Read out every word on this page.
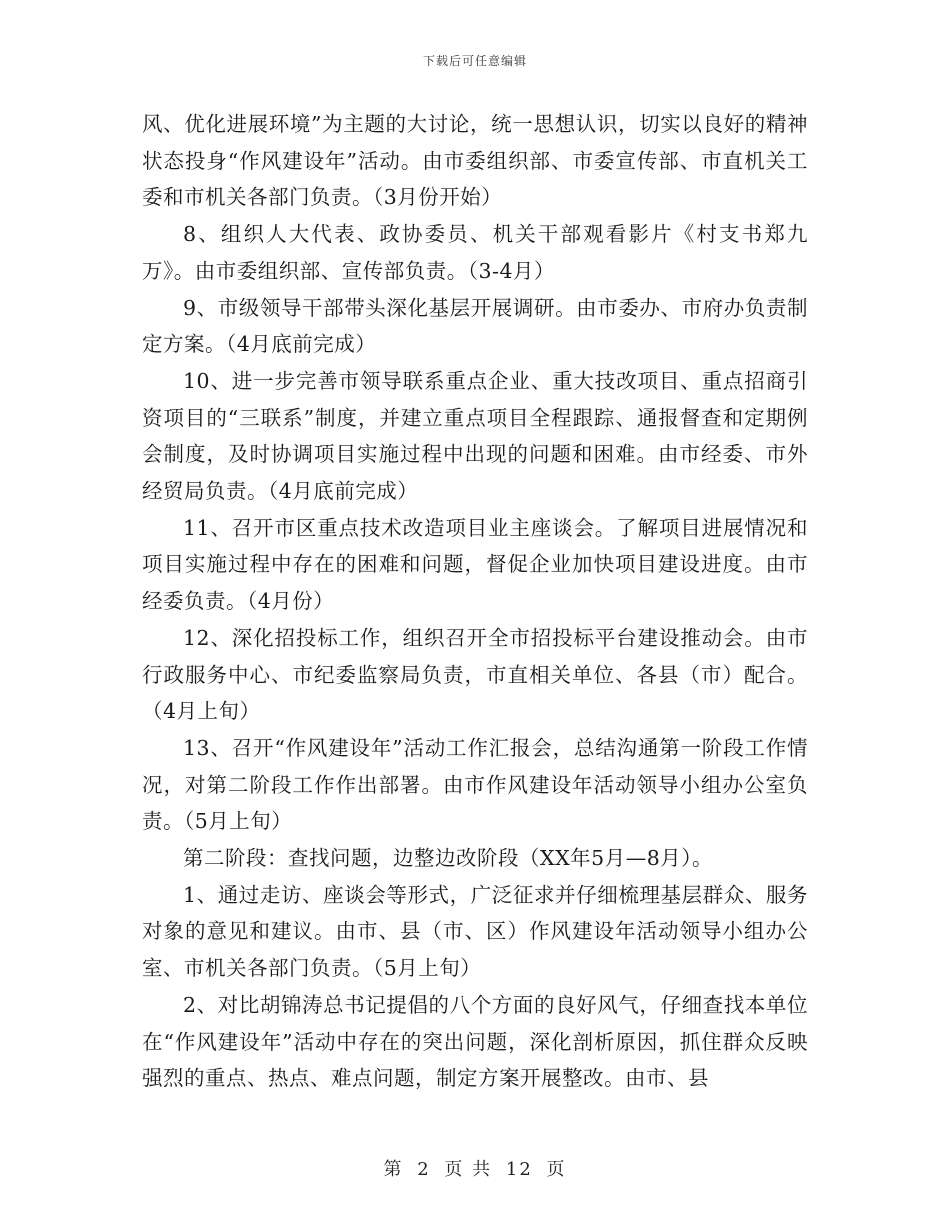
下载后可任意编辑

风、优化进展环境”为主题的大讨论，统一思想认识，切实以良好的精神状态投身“作风建设年”活动。由市委组织部、市委宣传部、市直机关工委和市机关各部门负责。（3月份开始）

8、组织人大代表、政协委员、机关干部观看影片《村支书郑九万》。由市委组织部、宣传部负责。（3-4月）

9、市级领导干部带头深化基层开展调研。由市委办、市府办负责制定方案。（4月底前完成）

10、进一步完善市领导联系重点企业、重大技改项目、重点招商引资项目的“三联系”制度，并建立重点项目全程跟踪、通报督查和定期例会制度，及时协调项目实施过程中出现的问题和困难。由市经委、市外经贸局负责。（4月底前完成）

11、召开市区重点技术改造项目业主座谈会。了解项目进展情况和项目实施过程中存在的困难和问题，督促企业加快项目建设进度。由市经委负责。（4月份）

12、深化招投标工作，组织召开全市招投标平台建设推动会。由市行政服务中心、市纪委监察局负责，市直相关单位、各县（市）配合。（4月上旬）

13、召开“作风建设年”活动工作汇报会，总结沟通第一阶段工作情况，对第二阶段工作作出部署。由市作风建设年活动领导小组办公室负责。（5月上旬）

第二阶段：查找问题，边整边改阶段（XX年5月—8月）。

1、通过走访、座谈会等形式，广泛征求并仔细梳理基层群众、服务对象的意见和建议。由市、县（市、区）作风建设年活动领导小组办公室、市机关各部门负责。（5月上旬）

2、对比胡锦涛总书记提倡的八个方面的良好风气，仔细查找本单位在“作风建设年”活动中存在的突出问题，深化剖析原因，抓住群众反映强烈的重点、热点、难点问题，制定方案开展整改。由市、县

第 2 页 共 12 页
